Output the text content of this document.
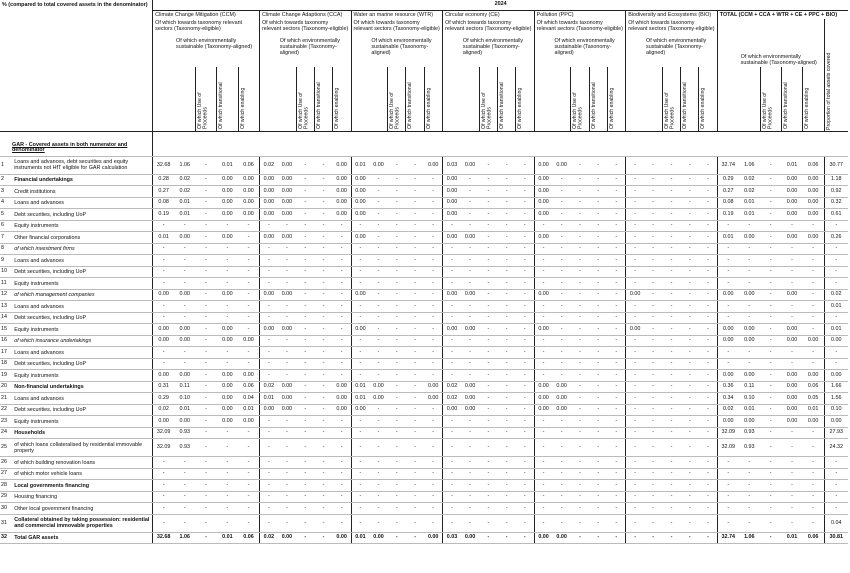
% (compared to total covered assets in the denominator)		2024																																			
		Climate Change Mitigation (CCM)					Climate Change Adaptions (CCA)					Water an marine resource (WTR)					Circular economy (CE)					Pollution (PPC)					Biodiversity and Ecosystems (BIO)					TOTAL (CCM + CCA + WTR + CE + PPC + BIO)					
		Of which towards taxonomy relevant sectors (Taxonomy-eligible)					Of which towards taxonomy relevant sectors (Taxonomy-eligible)					Of which towards taxonomy relevant sectors (Taxonomy-eligible)					Of which towards taxonomy relevant sectors (Taxonomy-eligible)					Of which towards taxonomy relevant sectors (Taxonomy-eligible)					Of which towards taxonomy relevant sectors (Taxonomy-eligible)										Proportion of total assets covered

			Of which environmentally sustainable (Taxonomy-aligned)					Of which environmentally sustainable (Taxonomy-aligned)					Of which environmentally sustainable (Taxonomy-aligned)					Of which environmentally sustainable (Taxonomy-aligned)					Of which environmentally sustainable (Taxonomy-aligned)					Of which environmentally sustainable (Taxonomy-aligned)					Of which environmentally sustainable (Taxonomy-aligned)				

				Of which Use of Proceeds	Of which transitional	Of which enabling			Of which Use of Proceeds	Of which transitional	Of which enabling			Of which Use of Proceeds	Of which transitional	Of which enabling			Of which Use of Proceeds	Of which transitional	Of which enabling			Of which Use of Proceeds	Of which transitional	Of which enabling			Of which Use of Proceeds	Of which transitional	Of which enabling			Of which Use of Proceeds	Of which transitional	Of which enabling	

GAR - Covered assets in both numerator and denominator																																					
1	Loans and advances, debt securities and equity instruments not HfT eligible for GAR calculation	32.68	1.06	-	0.01	0.06	0.02	0.00	-	-	0.00	0.01	0.00	-	-	0.00	0.03	0.00	-	-	-	0.00	0.00	-	-	-	-	-	-	-	-	32.74	1.06	-	0.01	0.06	30.77
2	Financial undertakings	0.28	0.02	-	0.00	0.00	0.00	0.00	-	-	0.00	0.00	-	-	-	-	0.00	-	-	-	-	0.00	-	-	-	-	-	-	-	-	-	0.29	0.02	-	0.00	0.00	1.18
3	Credit institutions	0.27	0.02	-	0.00	0.00	0.00	0.00	-	-	0.00	0.00	-	-	-	-	0.00	-	-	-	-	0.00	-	-	-	-	-	-	-	-	-	0.27	0.02	-	0.00	0.00	0.92
4	Loans and advances	0.08	0.01	-	0.00	0.00	0.00	0.00	-	-	0.00	0.00	-	-	-	-	0.00	-	-	-	-	0.00	-	-	-	-	-	-	-	-	-	0.08	0.01	-	0.00	0.00	0.32
5	Debt securities, including UoP	0.19	0.01	-	0.00	0.00	0.00	0.00	-	-	0.00	0.00	-	-	-	-	0.00	-	-	-	-	0.00	-	-	-	-	-	-	-	-	-	0.19	0.01	-	0.00	0.00	0.61
6	Equity instruments	-	-	-	-	-	-	-	-	-	-	-	-	-	-	-	-	-	-	-	-	-	-	-	-	-	-	-	-	-	-	-	-	-	-	-	-
7	Other financial corporations	0.01	0.00	-	0.00	-	0.00	0.00	-	-	-	0.00	-	-	-	-	0.00	0.00	-	-	-	0.00	-	-	-	-	-	-	-	-	-	0.01	0.00	-	0.00	0.00	0.26
8	of which investment firms	-	-	-	-	-	-	-	-	-	-	-	-	-	-	-	-	-	-	-	-	-	-	-	-	-	-	-	-	-	-	-	-	-	-	-	-
9	Loans and advances	-	-	-	-	-	-	-	-	-	-	-	-	-	-	-	-	-	-	-	-	-	-	-	-	-	-	-	-	-	-	-	-	-	-	-	-
10	Debt securities, including UoP	-	-	-	-	-	-	-	-	-	-	-	-	-	-	-	-	-	-	-	-	-	-	-	-	-	-	-	-	-	-	-	-	-	-	-	-
11	Equity instruments	-	-	-	-	-	-	-	-	-	-	-	-	-	-	-	-	-	-	-	-	-	-	-	-	-	-	-	-	-	-	-	-	-	-	-	-
12	of which management companies	0.00	0.00	-	0.00	-	0.00	0.00	-	-	-	0.00	-	-	-	-	0.00	0.00	-	-	-	0.00	-	-	-	-	0.00	-	-	-	-	0.00	0.00	-	0.00	-	0.02
13	Loans and advances	-	-	-	-	-	-	-	-	-	-	-	-	-	-	-	-	-	-	-	-	-	-	-	-	-	-	-	-	-	-	-	-	-	-	-	0.01
14	Debt securities, including UoP	-	-	-	-	-	-	-	-	-	-	-	-	-	-	-	-	-	-	-	-	-	-	-	-	-	-	-	-	-	-	-	-	-	-	-	-
15	Equity instruments	0.00	0.00	-	0.00	-	0.00	0.00	-	-	-	0.00	-	-	-	-	0.00	0.00	-	-	-	0.00	-	-	-	-	0.00	-	-	-	-	0.00	0.00	-	0.00	-	0.01
16	of which insurance undertakings	0.00	0.00	-	0.00	0.00	-	-	-	-	-	-	-	-	-	-	-	-	-	-	-	-	-	-	-	-	-	-	-	-	-	0.00	0.00	-	0.00	0.00	0.00
17	Loans and advances	-	-	-	-	-	-	-	-	-	-	-	-	-	-	-	-	-	-	-	-	-	-	-	-	-	-	-	-	-	-	-	-	-	-	-	-
18	Debt securities, including UoP	-	-	-	-	-	-	-	-	-	-	-	-	-	-	-	-	-	-	-	-	-	-	-	-	-	-	-	-	-	-	-	-	-	-	-	-
19	Equity instruments	0.00	0.00	-	0.00	0.00	-	-	-	-	-	-	-	-	-	-	-	-	-	-	-	-	-	-	-	-	-	-	-	-	-	0.00	0.00	-	0.00	0.00	0.00
20	Non-financial undertakings	0.31	0.11	-	0.00	0.06	0.02	0.00	-	-	0.00	0.01	0.00	-	-	0.00	0.02	0.00	-	-	-	0.00	0.00	-	-	-	-	-	-	-	-	0.36	0.11	-	0.00	0.06	1.66
21	Loans and advances	0.29	0.10	-	0.00	0.04	0.01	0.00	-	-	0.00	0.01	0.00	-	-	0.00	0.02	0.00	-	-	-	0.00	0.00	-	-	-	-	-	-	-	-	0.34	0.10	-	0.00	0.05	1.56
22	Debt securities, including UoP	0.02	0.01	-	0.00	0.01	0.00	0.00	-	-	0.00	0.00	-	-	-	-	0.00	0.00	-	-	-	0.00	0.00	-	-	-	-	-	-	-	-	0.02	0.01	-	0.00	0.01	0.10
23	Equity instruments	0.00	0.00	-	0.00	0.00	-	-	-	-	-	-	-	-	-	-	-	-	-	-	-	-	-	-	-	-	-	-	-	-	-	0.00	0.00	-	0.00	0.00	0.00
24	Households	32.09	0.93	-	-	-	-	-	-	-	-	-	-	-	-	-	-	-	-	-	-	-	-	-	-	-	-	-	-	-	-	32.09	0.93	-	-	-	27.93
25	of which loans collateralised by residential immovable property	32.09	0.93	-	-	-	-	-	-	-	-	-	-	-	-	-	-	-	-	-	-	-	-	-	-	-	-	-	-	-	-	32.09	0.93	-	-	-	24.32
26	of which building renovation loans	-	-	-	-	-	-	-	-	-	-	-	-	-	-	-	-	-	-	-	-	-	-	-	-	-	-	-	-	-	-	-	-	-	-	-	-
27	of which motor vehicle loans	-	-	-	-	-	-	-	-	-	-	-	-	-	-	-	-	-	-	-	-	-	-	-	-	-	-	-	-	-	-	-	-	-	-	-	-
28	Local governments financing	-	-	-	-	-	-	-	-	-	-	-	-	-	-	-	-	-	-	-	-	-	-	-	-	-	-	-	-	-	-	-	-	-	-	-	-
29	Housing financing	-	-	-	-	-	-	-	-	-	-	-	-	-	-	-	-	-	-	-	-	-	-	-	-	-	-	-	-	-	-	-	-	-	-	-	-
30	Other local government financing	-	-	-	-	-	-	-	-	-	-	-	-	-	-	-	-	-	-	-	-	-	-	-	-	-	-	-	-	-	-	-	-	-	-	-	-
31	Collateral obtained by taking possession: residential and commercial immovable properties	-	-	-	-	-	-	-	-	-	-	-	-	-	-	-	-	-	-	-	-	-	-	-	-	-	-	-	-	-	-	-	-	-	-	-	0.04
32	Total GAR assets	32.68	1.06	-	0.01	0.06	0.02	0.00	-	-	0.00	0.01	0.00	-	-	0.00	0.03	0.00	-	-	-	0.00	0.00	-	-	-	-	-	-	-	-	32.74	1.06	-	0.01	0.06	30.81
